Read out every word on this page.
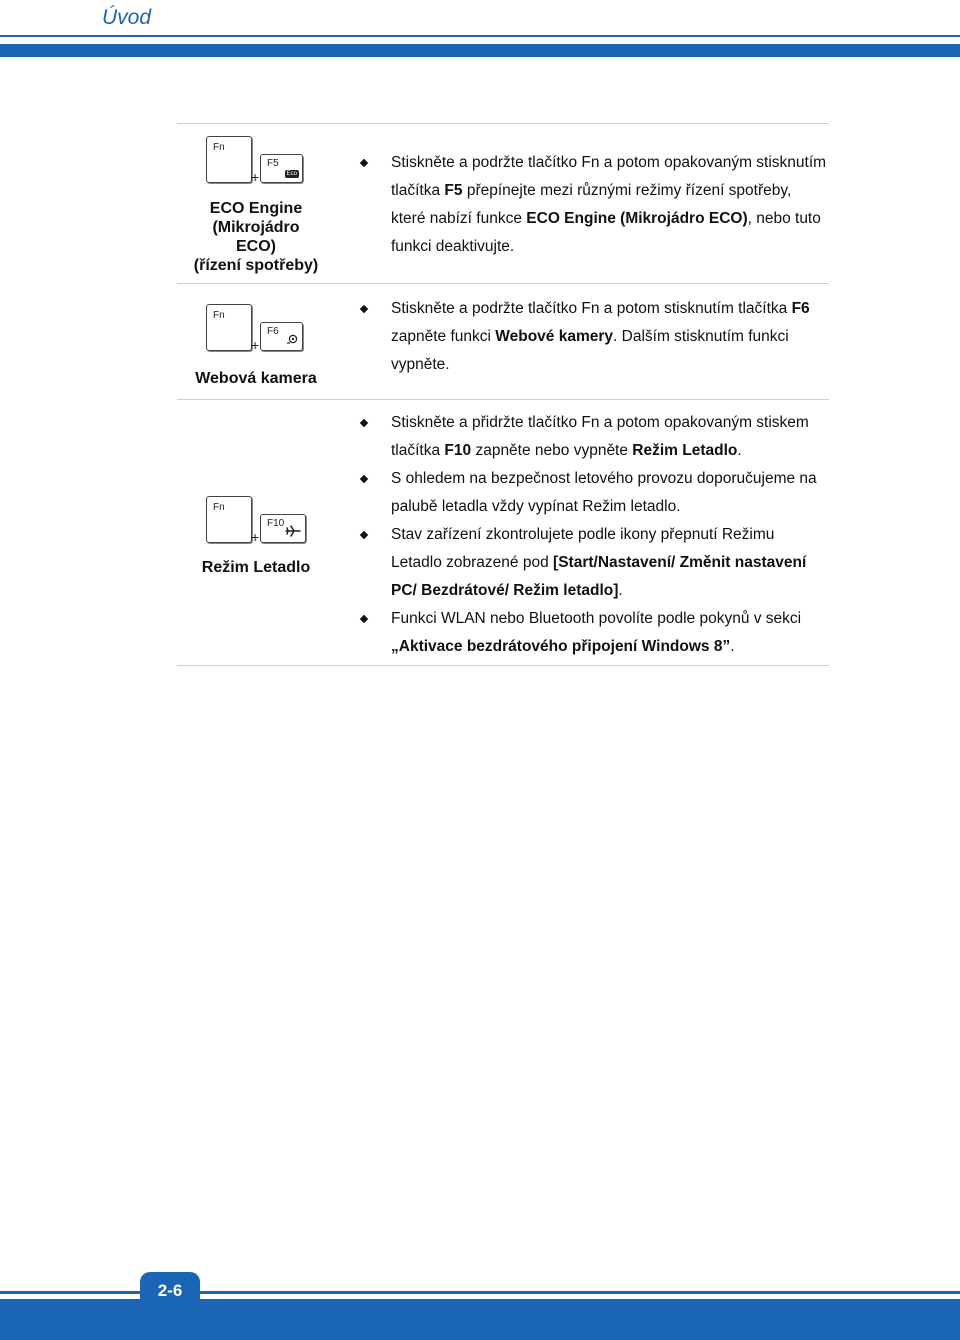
Úvod
Fn
+
F5
Eco
ECO Engine
(Mikrojádro
ECO)
(řízení spotřeby)
Stiskněte a podržte tlačítko Fn a potom opakovaným stisknutím tlačítka F5 přepínejte mezi různými režimy řízení spotřeby, které nabízí funkce ECO Engine (Mikrojádro ECO), nebo tuto funkci deaktivujte.
Fn
+
F6
Webová kamera
Stiskněte a podržte tlačítko Fn a potom stisknutím tlačítka F6 zapněte funkci Webové kamery. Dalším stisknutím funkci vypněte.
Fn
+
F10
Režim Letadlo
Stiskněte a přidržte tlačítko Fn a potom opakovaným stiskem tlačítka F10 zapněte nebo vypněte Režim Letadlo.
S ohledem na bezpečnost letového provozu doporučujeme na palubě letadla vždy vypínat Režim letadlo.
Stav zařízení zkontrolujete podle ikony přepnutí Režimu Letadlo zobrazené pod [Start/Nastavení/ Změnit nastavení PC/ Bezdrátové/ Režim letadlo].
Funkci WLAN nebo Bluetooth povolíte podle pokynů v sekci „Aktivace bezdrátového připojení Windows 8”.
2-6
